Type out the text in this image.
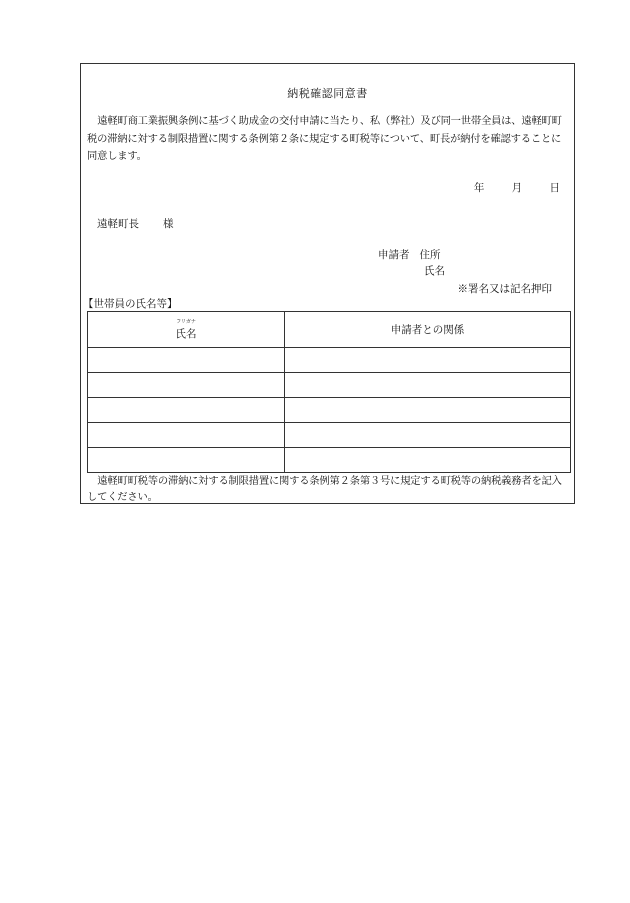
納税確認同意書
遠軽町商工業振興条例に基づく助成金の交付申請に当たり、私（弊社）及び同一世帯全員は、遠軽町町税の滞納に対する制限措置に関する条例第２条に規定する町税等について、町長が納付を確認することに同意します。
年	月	日
遠軽町長 様
申請者 住所
氏名
※署名又は記名押印
【世帯員の氏名等】
フリガナ
氏名	申請者との関係

遠軽町町税等の滞納に対する制限措置に関する条例第２条第３号に規定する町税等の納税義務者を記入してください。
